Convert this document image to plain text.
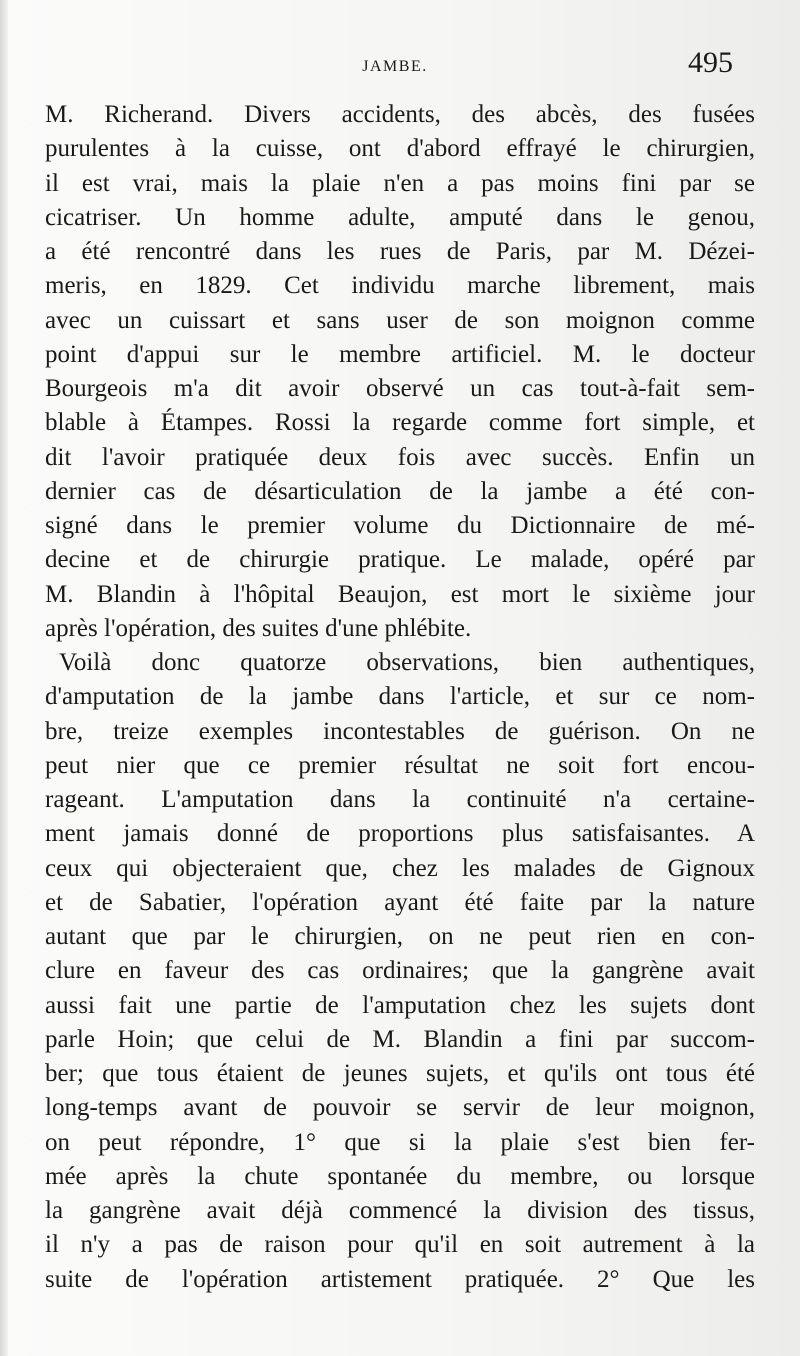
JAMBE.	495
M. Richerand. Divers accidents, des abcès, des fusées
purulentes à la cuisse, ont d'abord effrayé le chirurgien,
il est vrai, mais la plaie n'en a pas moins fini par se
cicatriser. Un homme adulte, amputé dans le genou,
a été rencontré dans les rues de Paris, par M. Dézei-
meris, en 1829. Cet individu marche librement, mais
avec un cuissart et sans user de son moignon comme
point d'appui sur le membre artificiel. M. le docteur
Bourgeois m'a dit avoir observé un cas tout-à-fait sem-
blable à Étampes. Rossi la regarde comme fort simple, et
dit l'avoir pratiquée deux fois avec succès. Enfin un
dernier cas de désarticulation de la jambe a été con-
signé dans le premier volume du Dictionnaire de mé-
decine et de chirurgie pratique. Le malade, opéré par
M. Blandin à l'hôpital Beaujon, est mort le sixième jour
après l'opération, des suites d'une phlébite.
Voilà donc quatorze observations, bien authentiques,
d'amputation de la jambe dans l'article, et sur ce nom-
bre, treize exemples incontestables de guérison. On ne
peut nier que ce premier résultat ne soit fort encou-
rageant. L'amputation dans la continuité n'a certaine-
ment jamais donné de proportions plus satisfaisantes. A
ceux qui objecteraient que, chez les malades de Gignoux
et de Sabatier, l'opération ayant été faite par la nature
autant que par le chirurgien, on ne peut rien en con-
clure en faveur des cas ordinaires; que la gangrène avait
aussi fait une partie de l'amputation chez les sujets dont
parle Hoin; que celui de M. Blandin a fini par succom-
ber; que tous étaient de jeunes sujets, et qu'ils ont tous été
long-temps avant de pouvoir se servir de leur moignon,
on peut répondre, 1° que si la plaie s'est bien fer-
mée après la chute spontanée du membre, ou lorsque
la gangrène avait déjà commencé la division des tissus,
il n'y a pas de raison pour qu'il en soit autrement à la
suite de l'opération artistement pratiquée. 2° Que les
